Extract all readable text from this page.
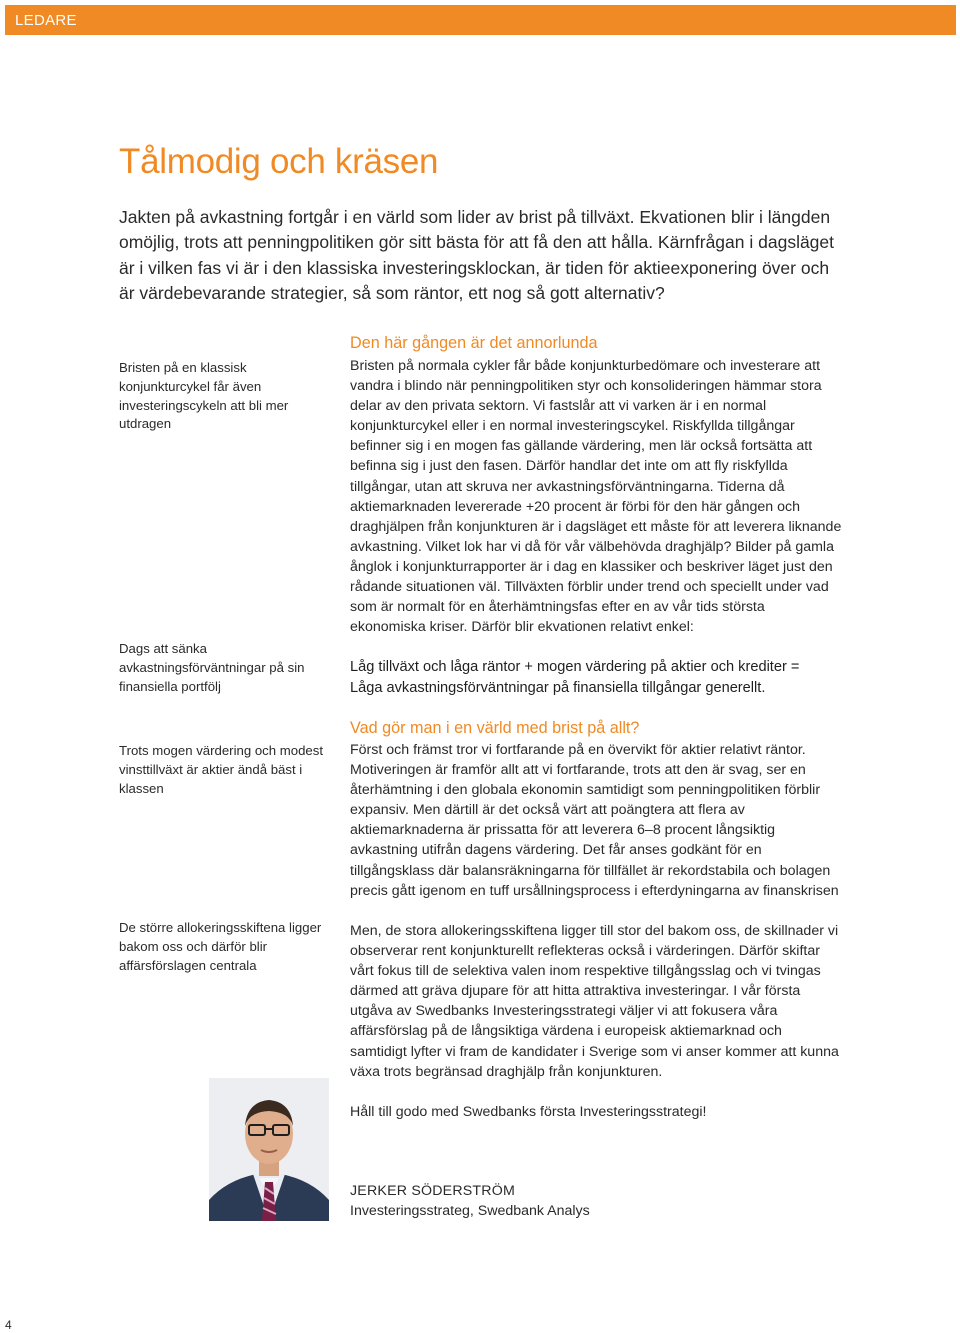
LEDARE
Tålmodig och kräsen

Jakten på avkastning fortgår i en värld som lider av brist på tillväxt. Ekvationen blir i längden omöjlig, trots att penningpolitiken gör sitt bästa för att få den att hålla. Kärnfrågan i dagsläget är i vilken fas vi är i den klassiska investeringsklockan, är tiden för aktieexponering över och är värdebevarande strategier, så som räntor, ett nog så gott alternativ?

Bristen på en klassisk konjunkturcykel får även investeringscykeln att bli mer utdragen

Dags att sänka avkastningsförväntningar på sin finansiella portfölj

Trots mogen värdering och modest vinsttillväxt är aktier ändå bäst i klassen

De större allokeringsskiftena ligger bakom oss och därför blir affärsförslagen centrala

Den här gången är det annorlunda

Bristen på normala cykler får både konjunkturbedömare och investerare att vandra i blindo när penningpolitiken styr och konsolideringen hämmar stora delar av den privata sektorn. Vi fastslår att vi varken är i en normal konjunkturcykel eller i en normal investeringscykel. Riskfyllda tillgångar befinner sig i en mogen fas gällande värdering, men lär också fortsätta att befinna sig i just den fasen. Därför handlar det inte om att fly riskfyllda tillgångar, utan att skruva ner avkastningsförväntningarna. Tiderna då aktiemarknaden levererade +20 procent är förbi för den här gången och draghjälpen från konjunkturen är i dagsläget ett måste för att leverera liknande avkastning. Vilket lok har vi då för vår välbehövda draghjälp? Bilder på gamla ånglok i konjunkturrapporter är i dag en klassiker och beskriver läget just den rådande situationen väl. Tillväxten förblir under trend och speciellt under vad som är normalt för en återhämtningsfas efter en av vår tids största ekonomiska kriser. Därför blir ekvationen relativt enkel:

Låg tillväxt och låga räntor + mogen värdering på aktier och krediter =
Låga avkastningsförväntningar på finansiella tillgångar generellt.
Vad gör man i en värld med brist på allt?

Först och främst tror vi fortfarande på en övervikt för aktier relativt räntor. Motiveringen är framför allt att vi fortfarande, trots att den är svag, ser en återhämtning i den globala ekonomin samtidigt som penningpolitiken förblir expansiv. Men därtill är det också värt att poängtera att flera av aktiemarknaderna är prissatta för att leverera 6–8 procent långsiktig avkastning utifrån dagens värdering. Det får anses godkänt för en tillgångsklass där balansräkningarna för tillfället är rekordstabila och bolagen precis gått igenom en tuff ursållningsprocess i efterdyningarna av finanskrisen

Men, de stora allokeringsskiftena ligger till stor del bakom oss, de skillnader vi observerar rent konjunkturellt reflekteras också i värderingen. Därför skiftar vårt fokus till de selektiva valen inom respektive tillgångsslag och vi tvingas därmed att gräva djupare för att hitta attraktiva investeringar. I vår första utgåva av Swedbanks Investeringsstrategi väljer vi att fokusera våra affärsförslag på de långsiktiga värdena i europeisk aktiemarknad och samtidigt lyfter vi fram de kandidater i Sverige som vi anser kommer att kunna växa trots begränsad draghjälp från konjunkturen.

Håll till godo med Swedbanks första Investeringsstrategi!

JERKER SÖDERSTRÖM

Investeringsstrateg, Swedbank Analys

4
